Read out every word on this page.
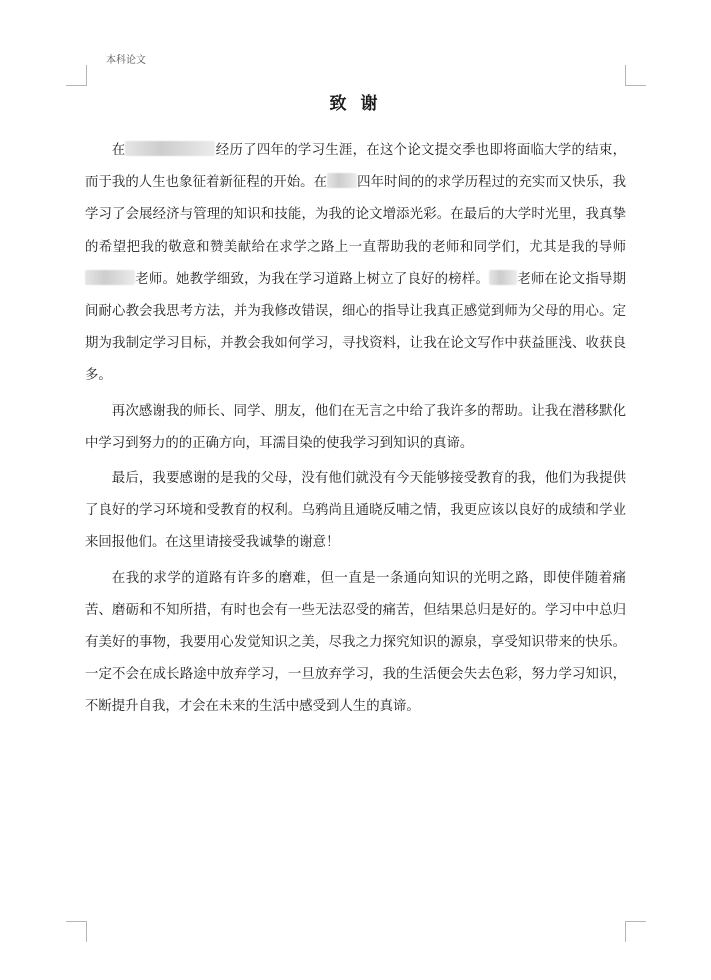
本科论文
致 谢

在	经历了四年的学习生涯，在这个论文提交季也即将面临大学的结束，而于我的人生也象征着新征程的开始。在 四年时间的的求学历程过的充实而又快乐，我学习了会展经济与管理的知识和技能，为我的论文增添光彩。在最后的大学时光里，我真挚的希望把我的敬意和赞美献给在求学之路上一直帮助我的老师和同学们，尤其是我的导师老师。她教学细致，为我在学习道路上树立了良好的榜样。 老师在论文指导期间耐心教会我思考方法，并为我修改错误，细心的指导让我真正感觉到师为父母的用心。定期为我制定学习目标，并教会我如何学习，寻找资料，让我在论文写作中获益匪浅、收获良多。

再次感谢我的师长、同学、朋友，他们在无言之中给了我许多的帮助。让我在潜移默化中学习到努力的的正确方向，耳濡目染的使我学习到知识的真谛。

最后，我要感谢的是我的父母，没有他们就没有今天能够接受教育的我，他们为我提供了良好的学习环境和受教育的权利。乌鸦尚且通晓反哺之情，我更应该以良好的成绩和学业来回报他们。在这里请接受我诚挚的谢意！

在我的求学的道路有许多的磨难，但一直是一条通向知识的光明之路，即使伴随着痛苦、磨砺和不知所措，有时也会有一些无法忍受的痛苦，但结果总归是好的。学习中中总归有美好的事物，我要用心发觉知识之美，尽我之力探究知识的源泉，享受知识带来的快乐。一定不会在成长路途中放弃学习，一旦放弃学习，我的生活便会失去色彩，努力学习知识，不断提升自我，才会在未来的生活中感受到人生的真谛。
